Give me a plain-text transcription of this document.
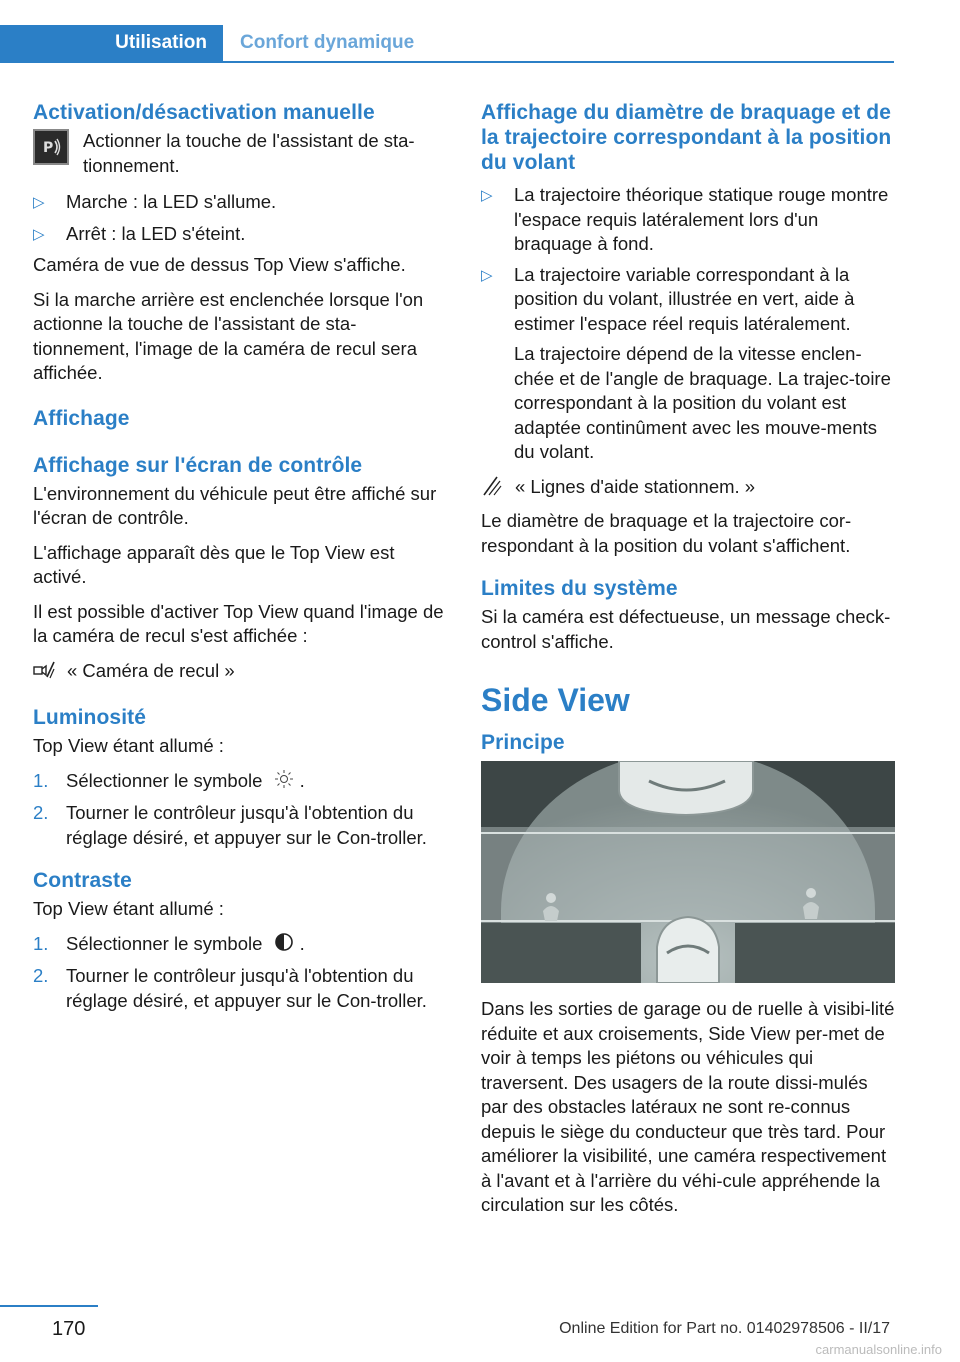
Utilisation	Confort dynamique
Activation/désactivation manuelle
P Actionner la touche de l'assistant de sta-tionnement.
▷	Marche : la LED s'allume.
▷	Arrêt : la LED s'éteint.

Caméra de vue de dessus Top View s'affiche.

Si la marche arrière est enclenchée lorsque l'on actionne la touche de l'assistant de sta-tionnement, l'image de la caméra de recul sera affichée.

Affichage
Affichage sur l'écran de contrôle

L'environnement du véhicule peut être affiché sur l'écran de contrôle.

L'affichage apparaît dès que le Top View est activé.

Il est possible d'activer Top View quand l'image de la caméra de recul s'est affichée :

« Caméra de recul »
Luminosité

Top View étant allumé :

1. Sélectionner le symbole .
2. Tourner le contrôleur jusqu'à l'obtention du réglage désiré, et appuyer sur le Con-troller.
Contraste

Top View étant allumé :

1. Sélectionner le symbole .
2. Tourner le contrôleur jusqu'à l'obtention du réglage désiré, et appuyer sur le Con-troller.
Affichage du diamètre de braquage et de la trajectoire correspondant à la position du volant
▷	La trajectoire théorique statique rouge montre l'espace requis latéralement lors d'un braquage à fond.
▷	La trajectoire variable correspondant à la position du volant, illustrée en vert, aide à estimer l'espace réel requis latéralement.

La trajectoire dépend de la vitesse enclen-chée et de l'angle de braquage. La trajec-toire correspondant à la position du volant est adaptée continûment avec les mouve-ments du volant.

« Lignes d'aide stationnem. »

Le diamètre de braquage et la trajectoire cor-respondant à la position du volant s'affichent.

Limites du système

Si la caméra est défectueuse, un message check-control s'affiche.

Side View
Principe

Dans les sorties de garage ou de ruelle à visibi-lité réduite et aux croisements, Side View per-met de voir à temps les piétons ou véhicules qui traversent. Des usagers de la route dissi-mulés par des obstacles latéraux ne sont re-connus depuis le siège du conducteur que très tard. Pour améliorer la visibilité, une caméra respectivement à l'avant et à l'arrière du véhi-cule appréhende la circulation sur les côtés.

170	Online Edition for Part no. 01402978506 - II/17
carmanualsonline.info
